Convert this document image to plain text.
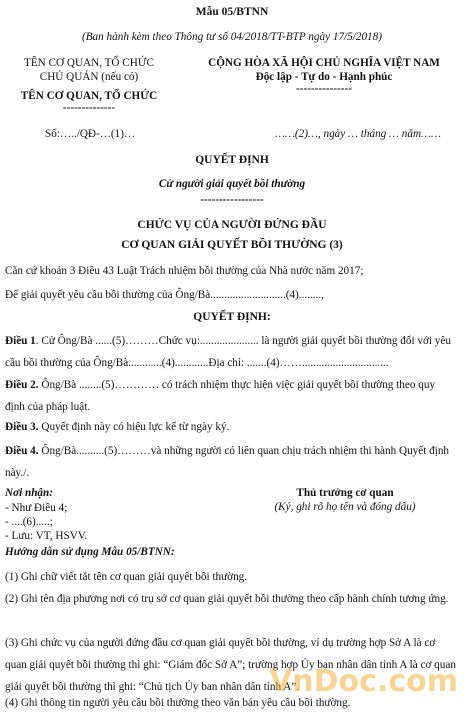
Mẫu 05/BTNN
(Ban hành kèm theo Thông tư số 04/2018/TT-BTP ngày 17/5/2018)
TÊN CƠ QUAN, TỔ CHỨC
CHỦ QUẢN (nếu có)
TÊN CƠ QUAN, TỔ CHỨC
--------------
CỘNG HÒA XÃ HỘI CHỦ NGHĨA VIỆT NAM
Độc lập - Tự do - Hạnh phúc
---------------
Số:…../QĐ-…(1)…	……(2)…, ngày … tháng … năm……
QUYẾT ĐỊNH
Cử người giải quyết bồi thường
-----------------
CHỨC VỤ CỦA NGƯỜI ĐỨNG ĐẦU
CƠ QUAN GIẢI QUYẾT BỒI THƯỜNG (3)
Căn cứ khoản 3 Điều 43 Luật Trách nhiệm bồi thường của Nhà nước năm 2017;
Để giải quyết yêu cầu bồi thường của Ông/Bà...........................(4)........,
QUYẾT ĐỊNH:
Điều 1. Cử Ông/Bà ......(5)………Chức vụ:..................... là người giải quyết bồi thường đối với yêu cầu bồi thường của Ông/Bà............(4)............Địa chỉ: .......(4)……...............................
Điều 2. Ông/Bà ........(5)………… có trách nhiệm thực hiện việc giải quyết bồi thường theo quy định của pháp luật.
Điều 3. Quyết định này có hiệu lực kể từ ngày ký.
Điều 4. Ông/Bà..........(5)………và những người có liên quan chịu trách nhiệm thi hành Quyết định này./.
Nơi nhận:
- Như Điều 4;
- ....(6).....;
- Lưu: VT, HSVV.
Thủ trưởng cơ quan
(Ký, ghi rõ họ tên và đóng dấu)
Hướng dẫn sử dụng Mẫu 05/BTNN:
(1) Ghi chữ viết tắt tên cơ quan giải quyết bồi thường.
(2) Ghi tên địa phương nơi có trụ sở cơ quan giải quyết bồi thường theo cấp hành chính tương ứng.
(3) Ghi chức vụ của người đứng đầu cơ quan giải quyết bồi thường, ví dụ trường hợp Sở A là cơ quan giải quyết bồi thường thì ghi: “Giám đốc Sở A”; trường hợp Ủy ban nhân dân tỉnh A là cơ quan giải quyết bồi thường thì ghi: “Chủ tịch Ủy ban nhân dân tỉnh A”.
(4) Ghi thông tin người yêu cầu bồi thường theo văn bản yêu cầu bồi thường.
VnDoc.com
